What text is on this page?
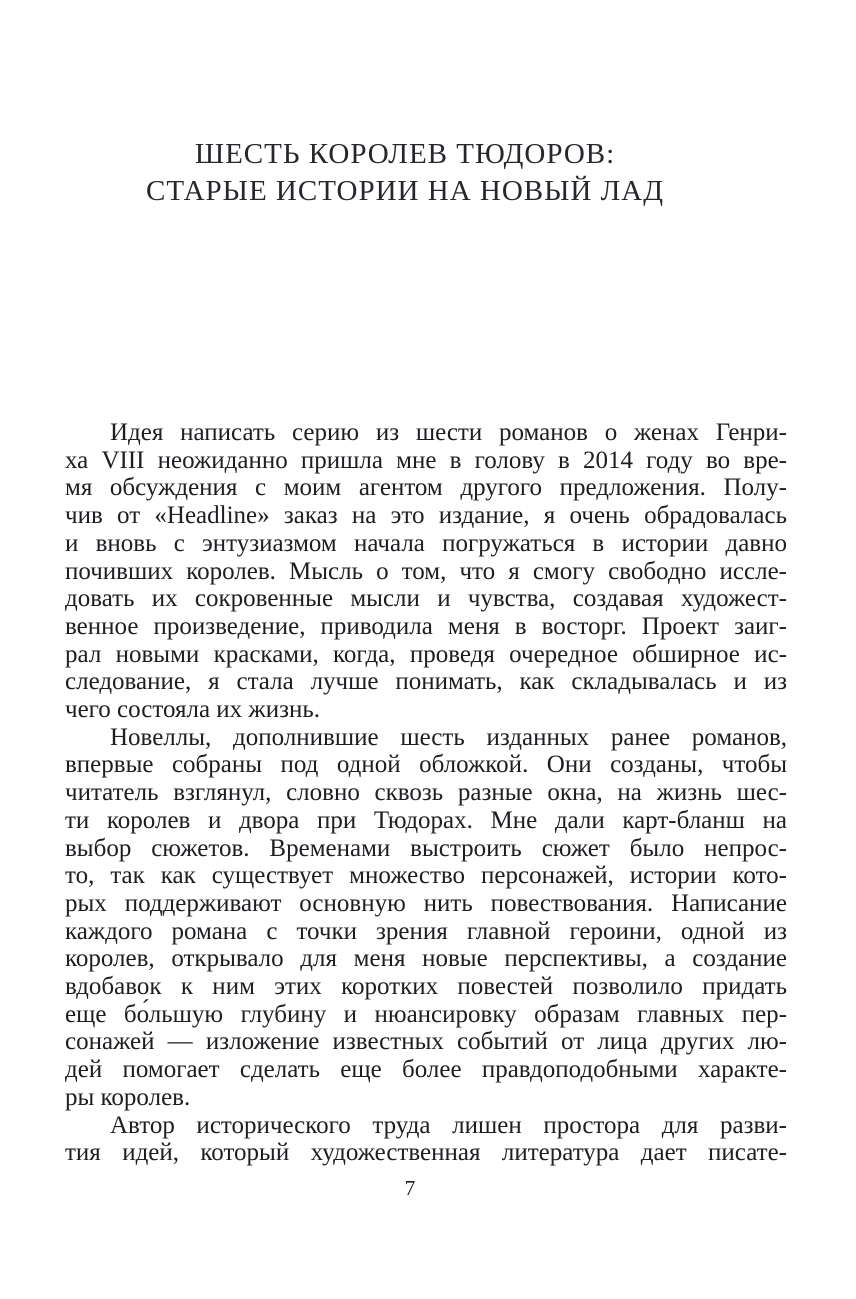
ШЕСТЬ КОРОЛЕВ ТЮДОРОВ:
СТАРЫЕ ИСТОРИИ НА НОВЫЙ ЛАД
Идея написать серию из шести романов о женах Генри-
ха VIII неожиданно пришла мне в голову в 2014 году во вре-
мя обсуждения с моим агентом другого предложения. Полу-
чив от «Headline» заказ на это издание, я очень обрадовалась
и вновь с энтузиазмом начала погружаться в истории давно
почивших королев. Мысль о том, что я смогу свободно иссле-
довать их сокровенные мысли и чувства, создавая художест-
венное произведение, приводила меня в восторг. Проект заиг-
рал новыми красками, когда, проведя очередное обширное ис-
следование, я стала лучше понимать, как складывалась и из
чего состояла их жизнь.
Новеллы, дополнившие шесть изданных ранее романов,
впервые собраны под одной обложкой. Они созданы, чтобы
читатель взглянул, словно сквозь разные окна, на жизнь шес-
ти королев и двора при Тюдорах. Мне дали карт-бланш на
выбор сюжетов. Временами выстроить сюжет было непрос-
то, так как существует множество персонажей, истории кото-
рых поддерживают основную нить повествования. Написание
каждого романа с точки зрения главной героини, одной из
королев, открывало для меня новые перспективы, а создание
вдобавок к ним этих коротких повестей позволило придать
еще бо́льшую глубину и нюансировку образам главных пер-
сонажей — изложение известных событий от лица других лю-
дей помогает сделать еще более правдоподобными характе-
ры королев.
Автор исторического труда лишен простора для разви-
тия идей, который художественная литература дает писате-
7
